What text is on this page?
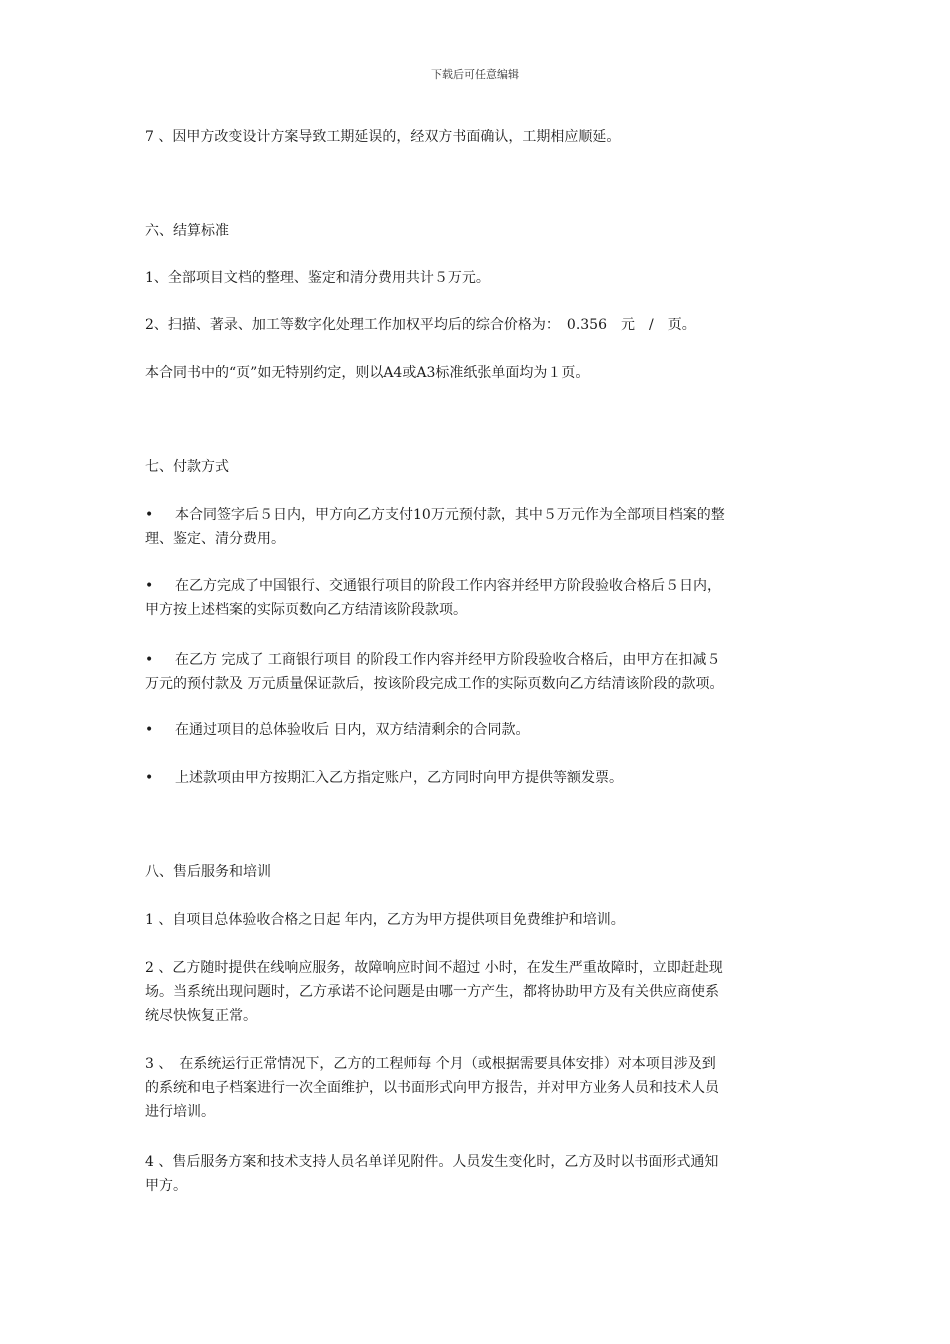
下载后可任意编辑
7 、因甲方改变设计方案导致工期延误的，经双方书面确认，工期相应顺延。
六、结算标准
1、全部项目文档的整理、鉴定和清分费用共计５万元。
2、扫描、著录、加工等数字化处理工作加权平均后的综合价格为：　0.356　元　/　页。
本合同书中的“页”如无特别约定，则以A4或A3标准纸张单面均为１页。
七、付款方式
• 本合同签字后５日内，甲方向乙方支付10万元预付款，其中５万元作为全部项目档案的整
理、鉴定、清分费用。
• 在乙方完成了中国银行、交通银行项目的阶段工作内容并经甲方阶段验收合格后５日内，
甲方按上述档案的实际页数向乙方结清该阶段款项。
• 在乙方 完成了 工商银行项目 的阶段工作内容并经甲方阶段验收合格后，由甲方在扣减５
万元的预付款及 万元质量保证款后，按该阶段完成工作的实际页数向乙方结清该阶段的款项。
• 在通过项目的总体验收后 日内，双方结清剩余的合同款。
• 上述款项由甲方按期汇入乙方指定账户，乙方同时向甲方提供等额发票。
八、售后服务和培训
1 、自项目总体验收合格之日起 年内，乙方为甲方提供项目免费维护和培训。
2 、乙方随时提供在线响应服务，故障响应时间不超过 小时，在发生严重故障时，立即赶赴现
场。当系统出现问题时，乙方承诺不论问题是由哪一方产生，都将协助甲方及有关供应商使系
统尽快恢复正常。
3 、　在系统运行正常情况下，乙方的工程师每 个月（或根据需要具体安排）对本项目涉及到
的系统和电子档案进行一次全面维护，以书面形式向甲方报告，并对甲方业务人员和技术人员
进行培训。
4 、售后服务方案和技术支持人员名单详见附件。人员发生变化时，乙方及时以书面形式通知
甲方。
